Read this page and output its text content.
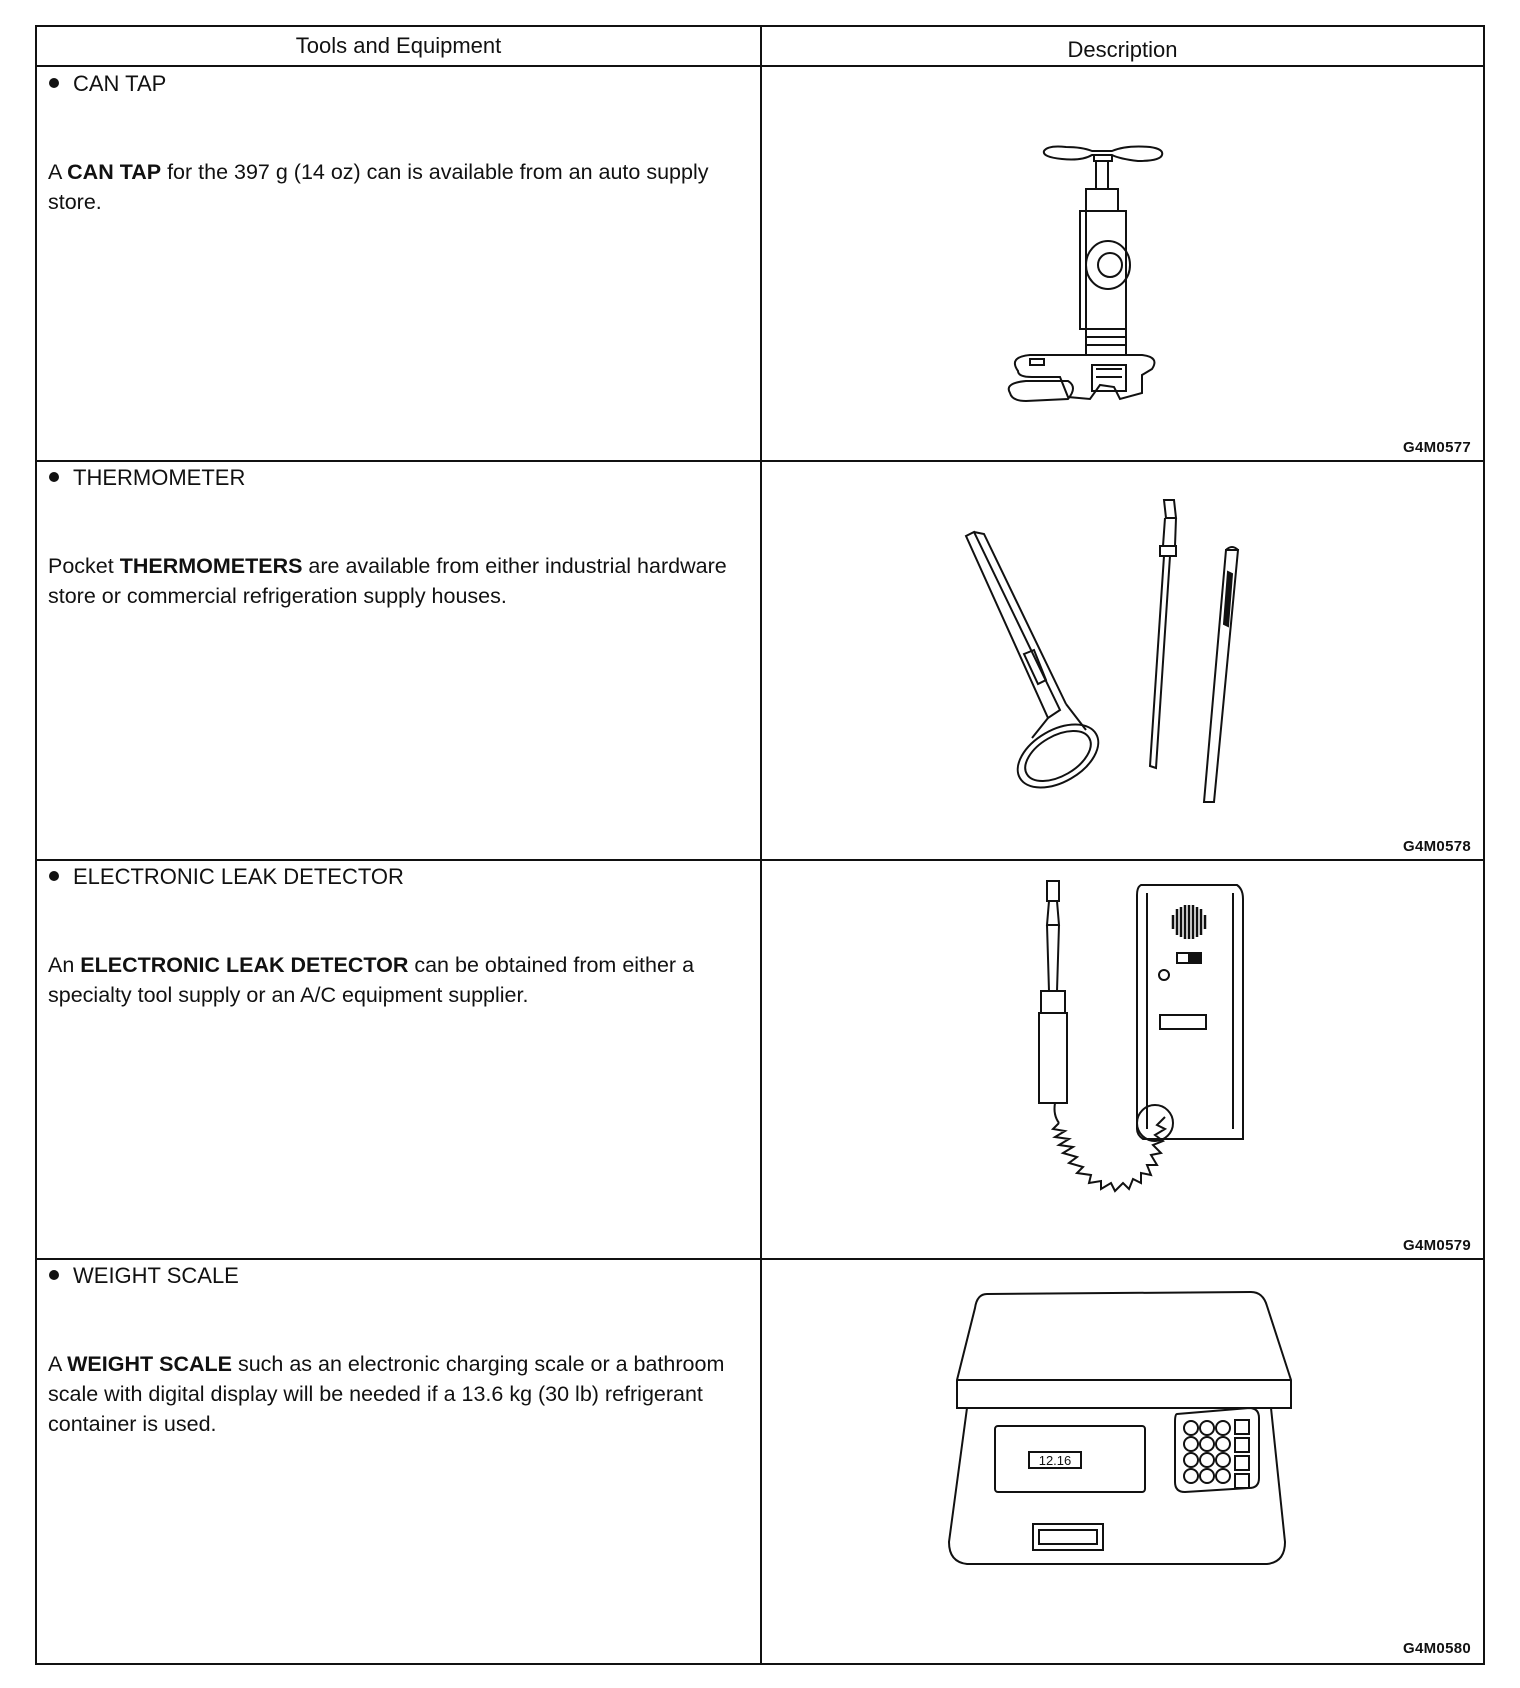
Tools and Equipment	Description
CAN TAP
A CAN TAP for the 397 g (14 oz) can is available from an auto supply store.
G4M0577
THERMOMETER
Pocket THERMOMETERS are available from either industrial hardware store or commercial refrigeration supply houses.
G4M0578
ELECTRONIC LEAK DETECTOR
An ELECTRONIC LEAK DETECTOR can be obtained from either a specialty tool supply or an A/C equipment supplier.
G4M0579
WEIGHT SCALE
A WEIGHT SCALE such as an electronic charging scale or a bathroom scale with digital display will be needed if a 13.6 kg (30 lb) refrigerant container is used.
12.16
G4M0580
